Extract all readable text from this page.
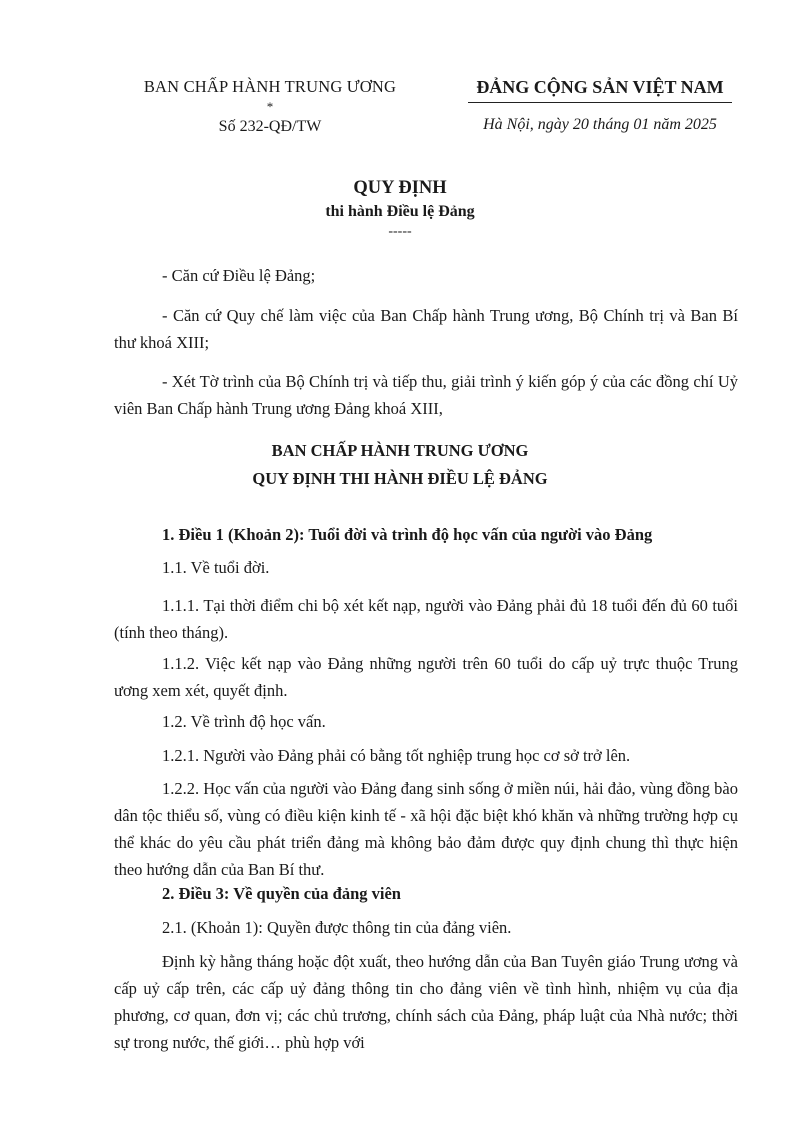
BAN CHẤP HÀNH TRUNG ƯƠNG
*
Số 232-QĐ/TW
ĐẢNG CỘNG SẢN VIỆT NAM
Hà Nội, ngày 20 tháng 01 năm 2025
QUY ĐỊNH
thi hành Điều lệ Đảng
-----
- Căn cứ Điều lệ Đảng;
- Căn cứ Quy chế làm việc của Ban Chấp hành Trung ương, Bộ Chính trị và Ban Bí thư khoá XIII;
- Xét Tờ trình của Bộ Chính trị và tiếp thu, giải trình ý kiến góp ý của các đồng chí Uỷ viên Ban Chấp hành Trung ương Đảng khoá XIII,
BAN CHẤP HÀNH TRUNG ƯƠNG
QUY ĐỊNH THI HÀNH ĐIỀU LỆ ĐẢNG
1. Điều 1 (Khoản 2): Tuổi đời và trình độ học vấn của người vào Đảng
1.1. Về tuổi đời.
1.1.1. Tại thời điểm chi bộ xét kết nạp, người vào Đảng phải đủ 18 tuổi đến đủ 60 tuổi (tính theo tháng).
1.1.2. Việc kết nạp vào Đảng những người trên 60 tuổi do cấp uỷ trực thuộc Trung ương xem xét, quyết định.
1.2. Về trình độ học vấn.
1.2.1. Người vào Đảng phải có bằng tốt nghiệp trung học cơ sở trở lên.
1.2.2. Học vấn của người vào Đảng đang sinh sống ở miền núi, hải đảo, vùng đồng bào dân tộc thiểu số, vùng có điều kiện kinh tế - xã hội đặc biệt khó khăn và những trường hợp cụ thể khác do yêu cầu phát triển đảng mà không bảo đảm được quy định chung thì thực hiện theo hướng dẫn của Ban Bí thư.
2. Điều 3: Về quyền của đảng viên
2.1. (Khoản 1): Quyền được thông tin của đảng viên.
Định kỳ hằng tháng hoặc đột xuất, theo hướng dẫn của Ban Tuyên giáo Trung ương và cấp uỷ cấp trên, các cấp uỷ đảng thông tin cho đảng viên về tình hình, nhiệm vụ của địa phương, cơ quan, đơn vị; các chủ trương, chính sách của Đảng, pháp luật của Nhà nước; thời sự trong nước, thế giới… phù hợp với
